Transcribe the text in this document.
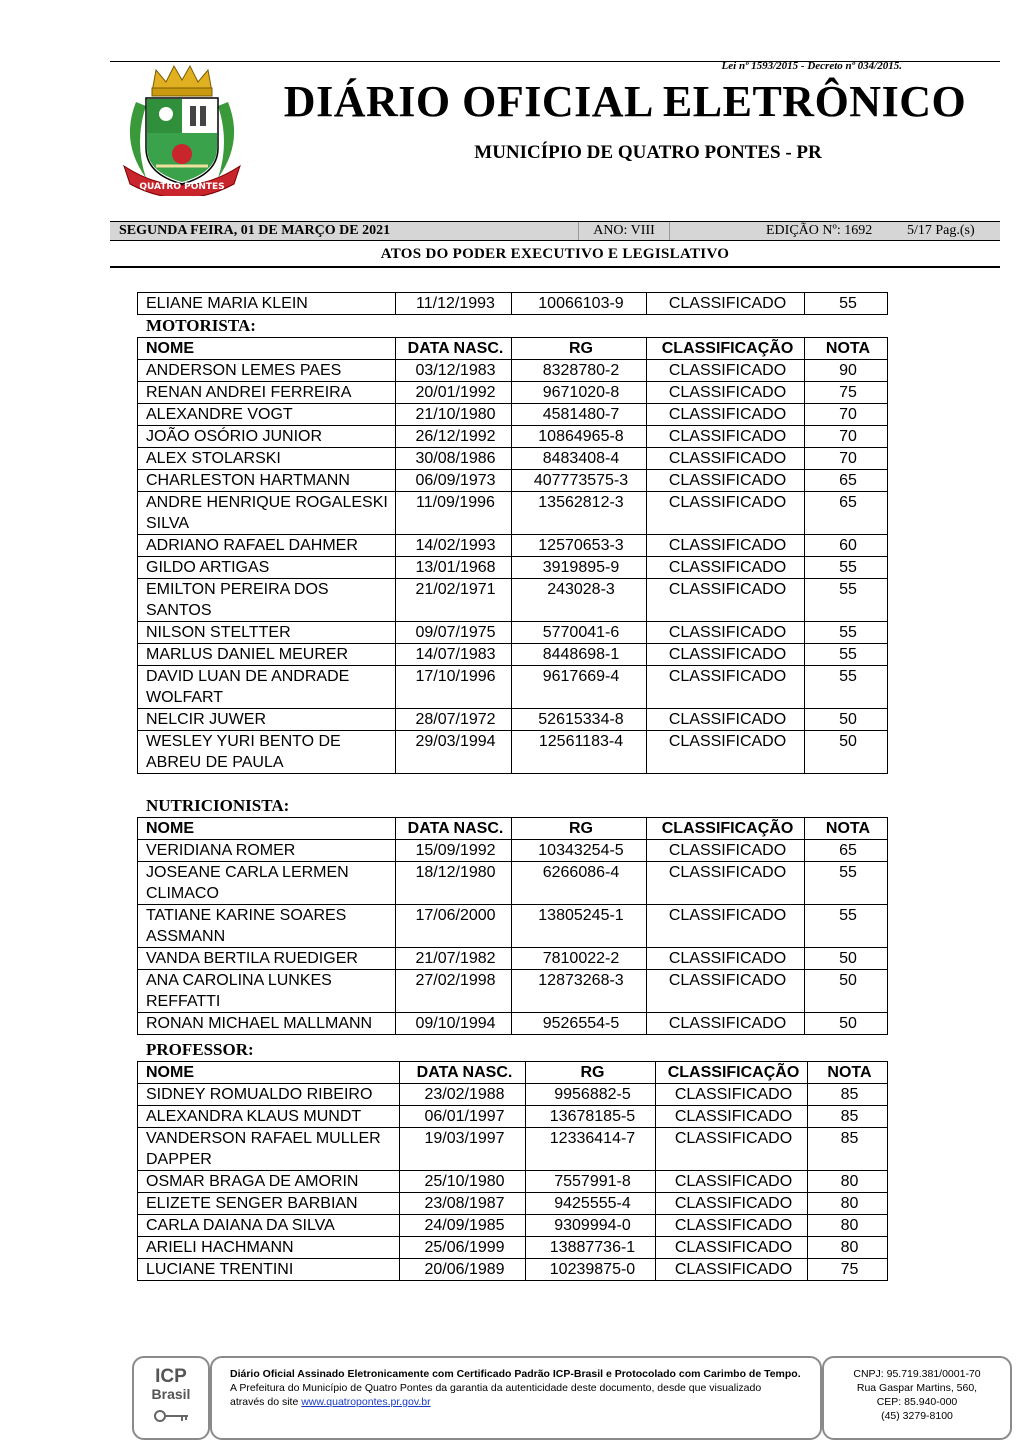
Lei nº 1593/2015 - Decreto nº 034/2015.
QUATRO PONTES
DIÁRIO OFICIAL ELETRÔNICO
MUNICÍPIO DE QUATRO PONTES - PR
SEGUNDA FEIRA, 01 DE MARÇO DE 2021	ANO: VIII	EDIÇÃO Nº: 1692 5/17 Pag.(s)
ATOS DO PODER EXECUTIVO E LEGISLATIVO
ELIANE MARIA KLEIN	11/12/1993	10066103-9	CLASSIFICADO	55
MOTORISTA:
NOME	DATA NASC.	RG	CLASSIFICAÇÃO	NOTA
ANDERSON LEMES PAES	03/12/1983	8328780-2	CLASSIFICADO	90
RENAN ANDREI FERREIRA	20/01/1992	9671020-8	CLASSIFICADO	75
ALEXANDRE VOGT	21/10/1980	4581480-7	CLASSIFICADO	70
JOÃO OSÓRIO JUNIOR	26/12/1992	10864965-8	CLASSIFICADO	70
ALEX STOLARSKI	30/08/1986	8483408-4	CLASSIFICADO	70
CHARLESTON HARTMANN	06/09/1973	407773575-3	CLASSIFICADO	65
ANDRE HENRIQUE ROGALESKI SILVA	11/09/1996	13562812-3	CLASSIFICADO	65
ADRIANO RAFAEL DAHMER	14/02/1993	12570653-3	CLASSIFICADO	60
GILDO ARTIGAS	13/01/1968	3919895-9	CLASSIFICADO	55
EMILTON PEREIRA DOS SANTOS	21/02/1971	243028-3	CLASSIFICADO	55
NILSON STELTTER	09/07/1975	5770041-6	CLASSIFICADO	55
MARLUS DANIEL MEURER	14/07/1983	8448698-1	CLASSIFICADO	55
DAVID LUAN DE ANDRADE WOLFART	17/10/1996	9617669-4	CLASSIFICADO	55
NELCIR JUWER	28/07/1972	52615334-8	CLASSIFICADO	50
WESLEY YURI BENTO DE ABREU DE PAULA	29/03/1994	12561183-4	CLASSIFICADO	50
NUTRICIONISTA:
NOME	DATA NASC.	RG	CLASSIFICAÇÃO	NOTA
VERIDIANA ROMER	15/09/1992	10343254-5	CLASSIFICADO	65
JOSEANE CARLA LERMEN CLIMACO	18/12/1980	6266086-4	CLASSIFICADO	55
TATIANE KARINE SOARES ASSMANN	17/06/2000	13805245-1	CLASSIFICADO	55
VANDA BERTILA RUEDIGER	21/07/1982	7810022-2	CLASSIFICADO	50
ANA CAROLINA LUNKES REFFATTI	27/02/1998	12873268-3	CLASSIFICADO	50
RONAN MICHAEL MALLMANN	09/10/1994	9526554-5	CLASSIFICADO	50
PROFESSOR:
NOME	DATA NASC.	RG	CLASSIFICAÇÃO	NOTA
SIDNEY ROMUALDO RIBEIRO	23/02/1988	9956882-5	CLASSIFICADO	85
ALEXANDRA KLAUS MUNDT	06/01/1997	13678185-5	CLASSIFICADO	85
VANDERSON RAFAEL MULLER DAPPER	19/03/1997	12336414-7	CLASSIFICADO	85
OSMAR BRAGA DE AMORIN	25/10/1980	7557991-8	CLASSIFICADO	80
ELIZETE SENGER BARBIAN	23/08/1987	9425555-4	CLASSIFICADO	80
CARLA DAIANA DA SILVA	24/09/1985	9309994-0	CLASSIFICADO	80
ARIELI HACHMANN	25/06/1999	13887736-1	CLASSIFICADO	80
LUCIANE TRENTINI	20/06/1989	10239875-0	CLASSIFICADO	75
ICP
Brasil
Diário Oficial Assinado Eletronicamente com Certificado Padrão ICP-Brasil e Protocolado com Carimbo de Tempo.
A Prefeitura do Município de Quatro Pontes da garantia da autenticidade deste documento, desde que visualizado
através do site www.quatropontes.pr.gov.br
CNPJ: 95.719.381/0001-70
Rua Gaspar Martins, 560,
CEP: 85.940-000
(45) 3279-8100
